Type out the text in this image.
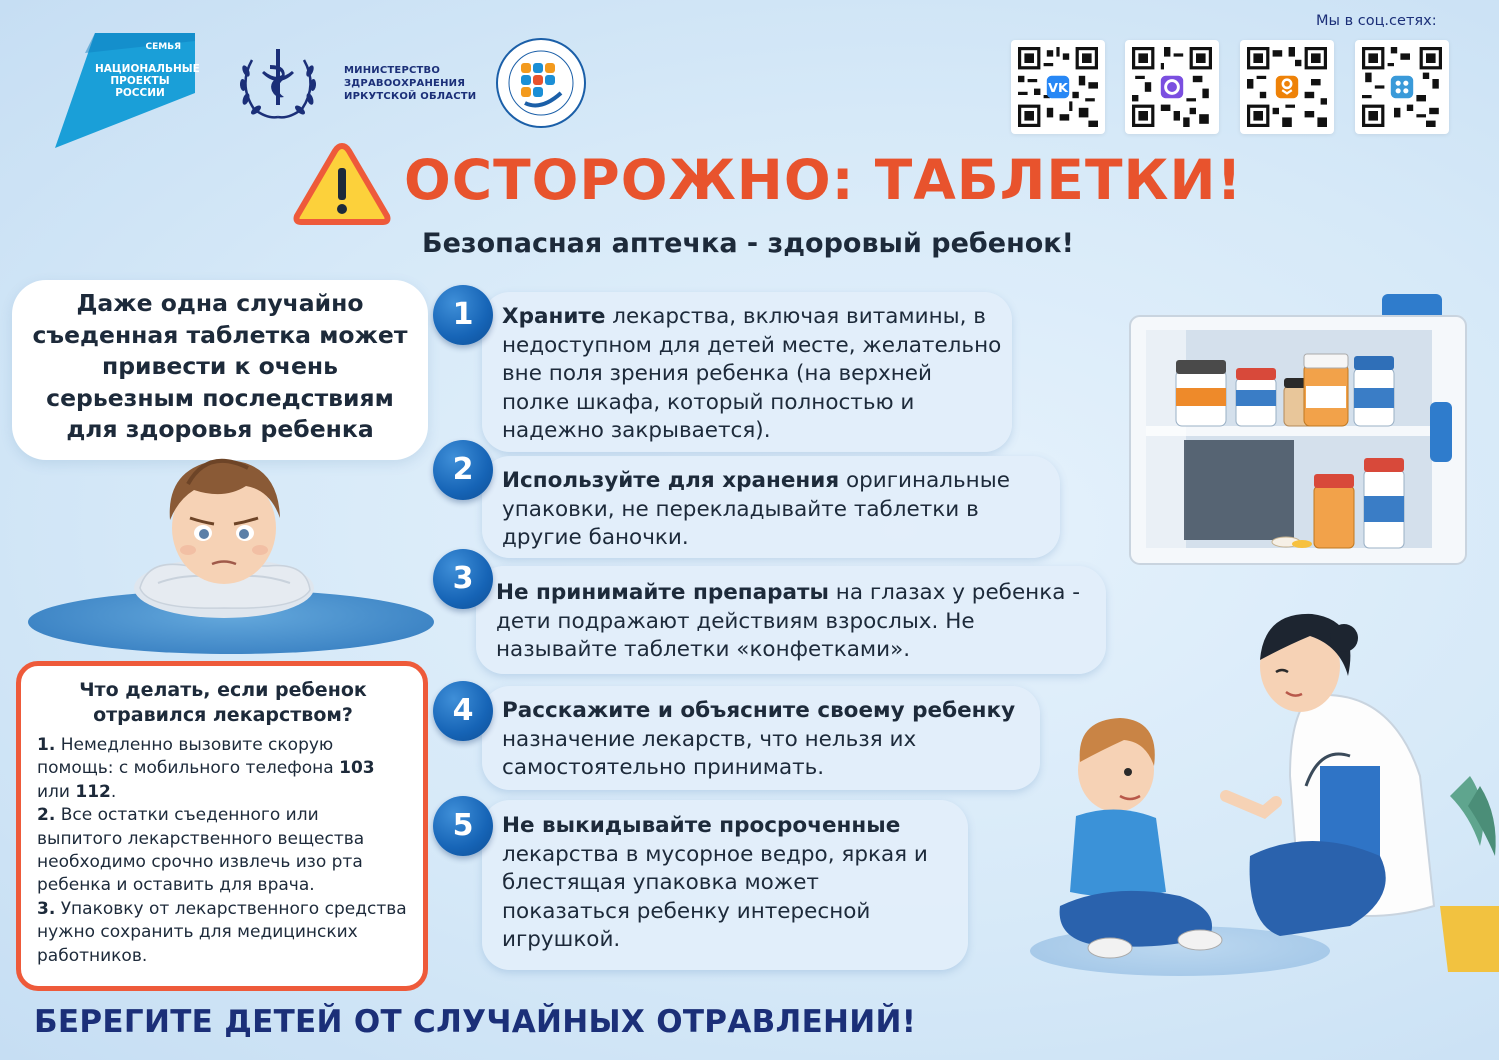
СЕМЬЯ
НАЦИОНАЛЬНЫЕ
ПРОЕКТЫ
РОССИИ
МИНИСТЕРСТВО
ЗДРАВООХРАНЕНИЯ
ИРКУТСКОЙ ОБЛАСТИ
Мы в соц.сетях:
VK
ОСТОРОЖНО: ТАБЛЕТКИ!
Безопасная аптечка - здоровый ребенок!
Даже одна случайно
съеденная таблетка может
привести к очень
серьезным последствиям
для здоровья ребенка
Что делать, если ребенок
отравился лекарством?
1. Немедленно вызовите скорую помощь: с мобильного телефона 103 или 112.
2. Все остатки съеденного или выпитого лекарственного вещества необходимо срочно извлечь изо рта ребенка и оставить для врача.
3. Упаковку от лекарственного средства нужно сохранить для медицинских работников.
Храните лекарства, включая витамины, в недоступном для детей месте, желательно вне поля зрения ребенка (на верхней полке шкафа, который полностью и надежно закрывается).
1
Используйте для хранения оригинальные упаковки, не перекладывайте таблетки в другие баночки.
2
Не принимайте препараты на глазах у ребенка - дети подражают действиям взрослых. Не называйте таблетки «конфетками».
3
Расскажите и объясните своему ребенку назначение лекарств, что нельзя их самостоятельно принимать.
4
Не выкидывайте просроченные лекарства в мусорное ведро, яркая и блестящая упаковка может показаться ребенку интересной игрушкой.
5
БЕРЕГИТЕ ДЕТЕЙ ОТ СЛУЧАЙНЫХ ОТРАВЛЕНИЙ!
